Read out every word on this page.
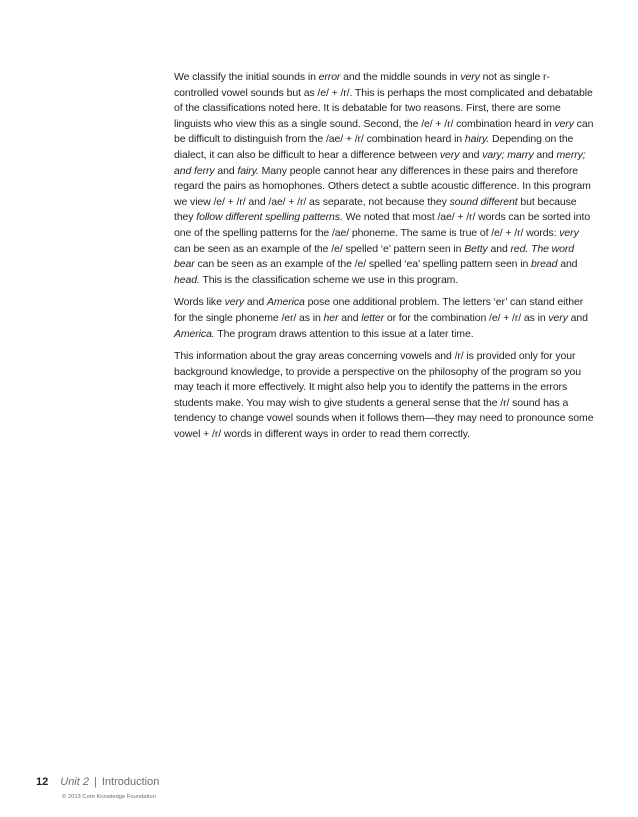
We classify the initial sounds in error and the middle sounds in very not as single r-controlled vowel sounds but as /e/ + /r/. This is perhaps the most complicated and debatable of the classifications noted here. It is debatable for two reasons. First, there are some linguists who view this as a single sound. Second, the /e/ + /r/ combination heard in very can be difficult to distinguish from the /ae/ + /r/ combination heard in hairy. Depending on the dialect, it can also be difficult to hear a difference between very and vary; marry and merry; and ferry and fairy. Many people cannot hear any differences in these pairs and therefore regard the pairs as homophones. Others detect a subtle acoustic difference. In this program we view /e/ + /r/ and /ae/ + /r/ as separate, not because they sound different but because they follow different spelling patterns. We noted that most /ae/ + /r/ words can be sorted into one of the spelling patterns for the /ae/ phoneme. The same is true of /e/ + /r/ words: very can be seen as an example of the /e/ spelled ‘e’ pattern seen in Betty and red. The word bear can be seen as an example of the /e/ spelled ‘ea’ spelling pattern seen in bread and head. This is the classification scheme we use in this program.

Words like very and America pose one additional problem. The letters ‘er’ can stand either for the single phoneme /er/ as in her and letter or for the combination /e/ + /r/ as in very and America. The program draws attention to this issue at a later time.

This information about the gray areas concerning vowels and /r/ is provided only for your background knowledge, to provide a perspective on the philosophy of the program so you may teach it more effectively. It might also help you to identify the patterns in the errors students make. You may wish to give students a general sense that the /r/ sound has a tendency to change vowel sounds when it follows them—they may need to pronounce some vowel + /r/ words in different ways in order to read them correctly.

12 Unit 2 | Introduction
© 2013 Core Knowledge Foundation
